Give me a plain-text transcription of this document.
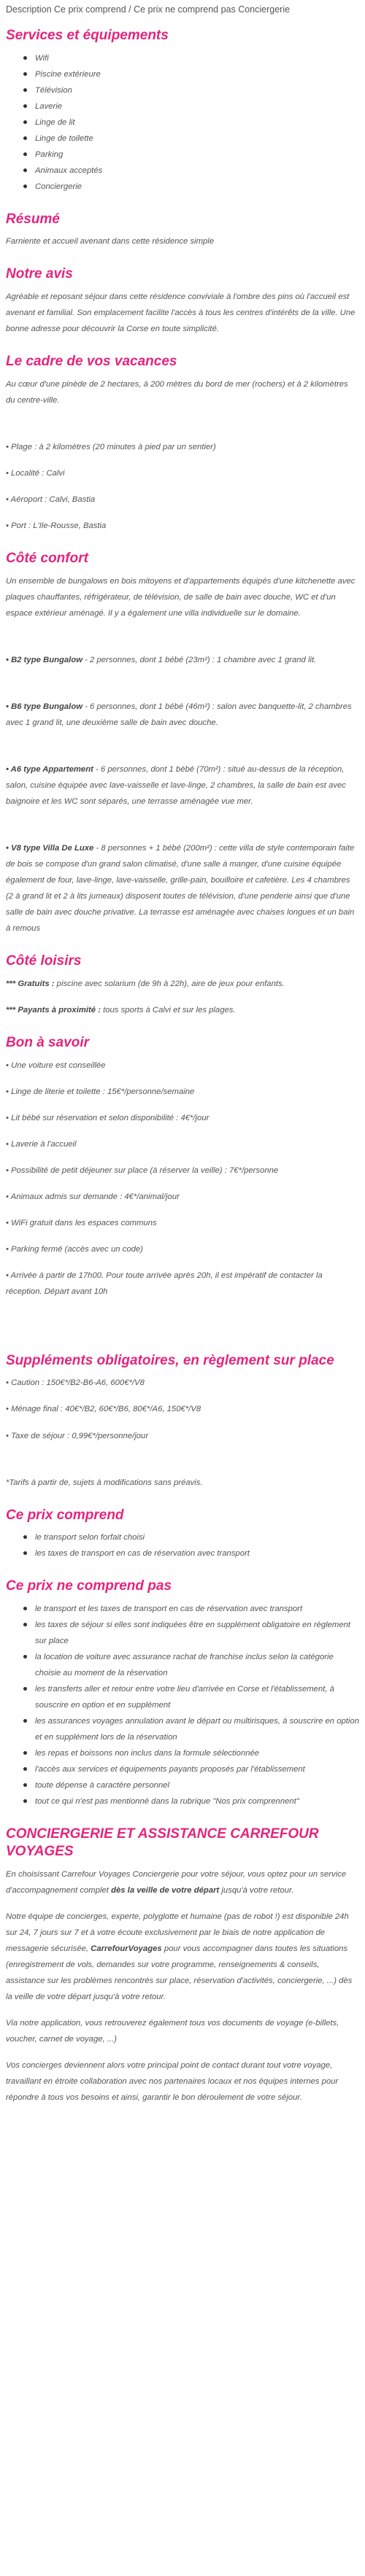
Description Ce prix comprend / Ce prix ne comprend pas Conciergerie
Services et équipements
Wifi
Piscine extérieure
Télévision
Laverie
Linge de lit
Linge de toilette
Parking
Animaux acceptés
Conciergerie
Résumé

Farniente et accueil avenant dans cette résidence simple

Notre avis

Agréable et reposant séjour dans cette résidence conviviale à l'ombre des pins où l'accueil est avenant et familial. Son emplacement facilite l'accès à tous les centres d'intérêts de la ville. Une bonne adresse pour découvrir la Corse en toute simplicité.

Le cadre de vos vacances

Au cœur d'une pinède de 2 hectares, à 200 mètres du bord de mer (rochers) et à 2 kilomètres du centre-ville.

• Plage : à 2 kilomètres (20 minutes à pied par un sentier)

• Localité : Calvi

• Aéroport : Calvi, Bastia

• Port : L'Ile-Rousse, Bastia

Côté confort

Un ensemble de bungalows en bois mitoyens et d'appartements équipés d'une kitchenette avec plaques chauffantes, réfrigérateur, de télévision, de salle de bain avec douche, WC et d'un espace extérieur aménagé. Il y a également une villa individuelle sur le domaine.

• B2 type Bungalow - 2 personnes, dont 1 bébé (23m²) : 1 chambre avec 1 grand lit.

• B6 type Bungalow - 6 personnes, dont 1 bébé (46m²) : salon avec banquette-lit, 2 chambres avec 1 grand lit, une deuxième salle de bain avec douche.

• A6 type Appartement - 6 personnes, dont 1 bébé (70m²) : situé au-dessus de la réception, salon, cuisine équipée avec lave-vaisselle et lave-linge, 2 chambres, la salle de bain est avec baignoire et les WC sont séparés, une terrasse aménagée vue mer.

• V8 type Villa De Luxe - 8 personnes + 1 bébé (200m²) : cette villa de style contemporain faite de bois se compose d'un grand salon climatisé, d'une salle à manger, d'une cuisine équipée également de four, lave-linge, lave-vaisselle, grille-pain, bouilloire et cafetière. Les 4 chambres (2 à grand lit et 2 à lits jumeaux) disposent toutes de télévision, d'une penderie ainsi que d'une salle de bain avec douche privative. La terrasse est aménagée avec chaises longues et un bain à remous

Côté loisirs

*** Gratuits : piscine avec solarium (de 9h à 22h), aire de jeux pour enfants.

*** Payants à proximité : tous sports à Calvi et sur les plages.

Bon à savoir

• Une voiture est conseillée

• Linge de literie et toilette : 15€*/personne/semaine

• Lit bébé sur réservation et selon disponibilité : 4€*/jour

• Laverie à l'accueil

• Possibilité de petit déjeuner sur place (à réserver la veille) : 7€*/personne

• Animaux admis sur demande : 4€*/animal/jour

• WiFi gratuit dans les espaces communs

• Parking fermé (accès avec un code)

• Arrivée à partir de 17h00. Pour toute arrivée après 20h, il est impératif de contacter la réception. Départ avant 10h

Suppléments obligatoires, en règlement sur place

• Caution : 150€*/B2-B6-A6, 600€*/V8

• Ménage final : 40€*/B2, 60€*/B6, 80€*/A6, 150€*/V8

• Taxe de séjour : 0,99€*/personne/jour

*Tarifs à partir de, sujets à modifications sans préavis.

Ce prix comprend
le transport selon forfait choisi
les taxes de transport en cas de réservation avec transport
Ce prix ne comprend pas
le transport et les taxes de transport en cas de réservation avec transport
les taxes de séjour si elles sont indiquées être en supplément obligatoire en règlement sur place
la location de voiture avec assurance rachat de franchise inclus selon la catégorie choisie au moment de la réservation
les transferts aller et retour entre votre lieu d'arrivée en Corse et l'établissement, à souscrire en option et en supplément
les assurances voyages annulation avant le départ ou multirisques, à souscrire en option et en supplément lors de la réservation
les repas et boissons non inclus dans la formule sélectionnée
l'accès aux services et équipements payants proposés par l'établissement
toute dépense à caractère personnel
tout ce qui n'est pas mentionné dans la rubrique "Nos prix comprennent"
CONCIERGERIE ET ASSISTANCE CARREFOUR VOYAGES

En choisissant Carrefour Voyages Conciergerie pour votre séjour, vous optez pour un service d'accompagnement complet dès la veille de votre départ jusqu'à votre retour.

Notre équipe de concierges, experte, polyglotte et humaine (pas de robot !) est disponible 24h sur 24, 7 jours sur 7 et à votre écoute exclusivement par le biais de notre application de messagerie sécurisée, CarrefourVoyages pour vous accompagner dans toutes les situations (enregistrement de vols, demandes sur votre programme, renseignements & conseils, assistance sur les problèmes rencontrés sur place, réservation d'activités, conciergerie, ...) dès la veille de votre départ jusqu'à votre retour.

Via notre application, vous retrouverez également tous vos documents de voyage (e-billets, voucher, carnet de voyage, ...)

Vos concierges deviennent alors votre principal point de contact durant tout votre voyage, travaillant en étroite collaboration avec nos partenaires locaux et nos équipes internes pour répondre à tous vos besoins et ainsi, garantir le bon déroulement de votre séjour.
